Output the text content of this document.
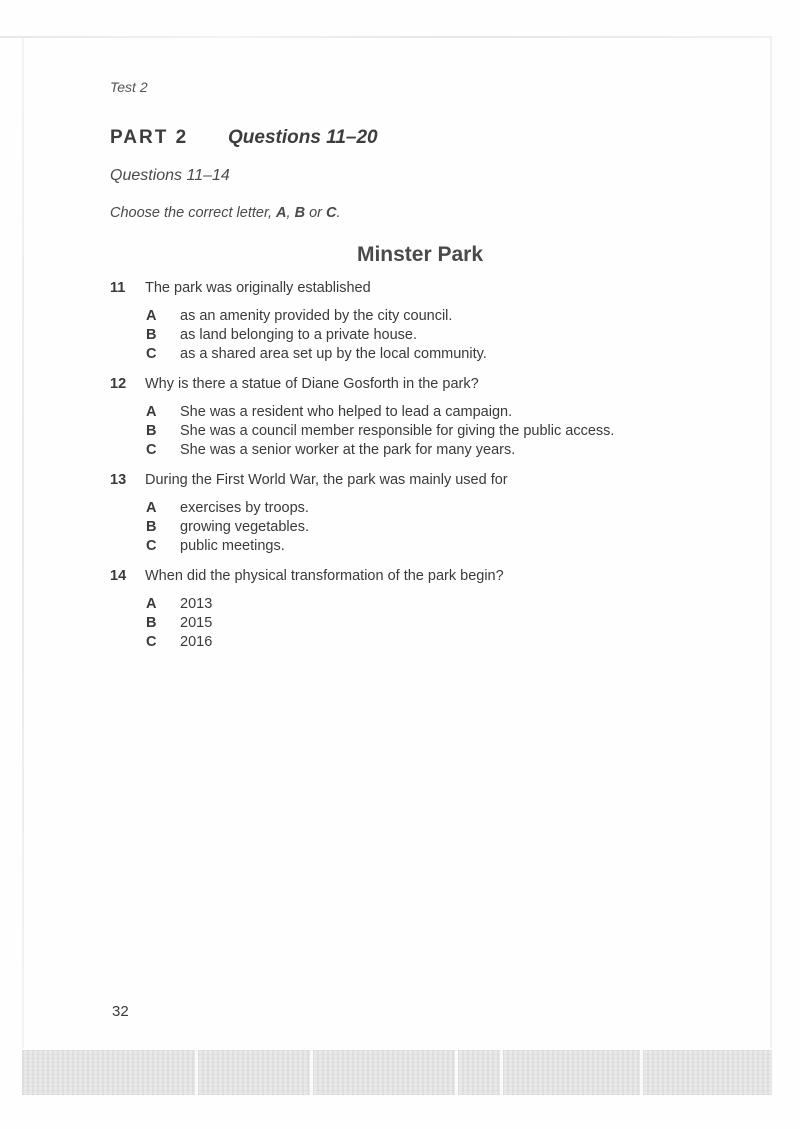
Test 2
PART 2 Questions 11–20
Questions 11–14
Choose the correct letter, A, B or C.
Minster Park
11 The park was originally established
A as an amenity provided by the city council.
B as land belonging to a private house.
C as a shared area set up by the local community.
12 Why is there a statue of Diane Gosforth in the park?
A She was a resident who helped to lead a campaign.
B She was a council member responsible for giving the public access.
C She was a senior worker at the park for many years.
13 During the First World War, the park was mainly used for
A exercises by troops.
B growing vegetables.
C public meetings.
14 When did the physical transformation of the park begin?
A 2013
B 2015
C 2016
32
